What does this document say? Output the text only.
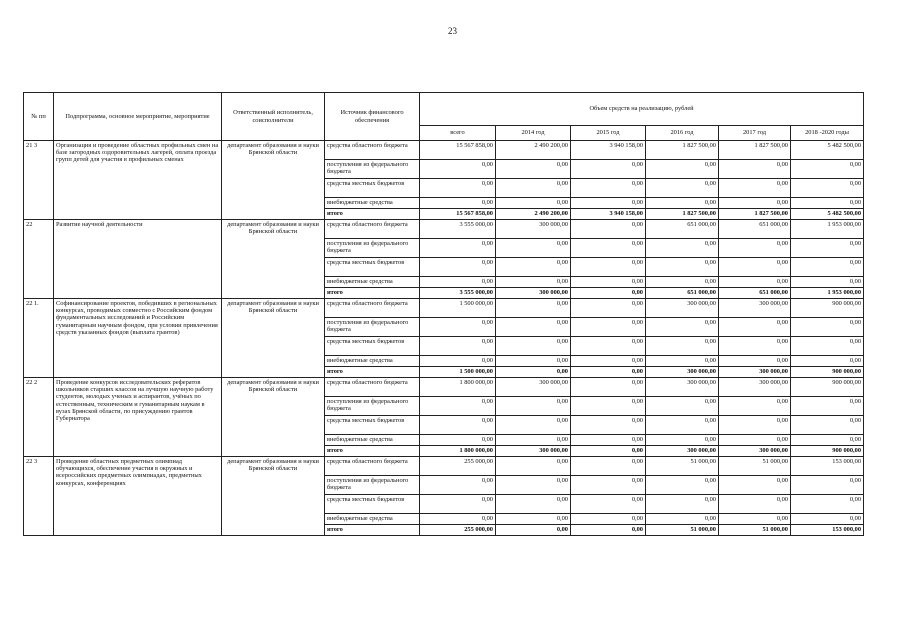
23
№ пп	Подпрограмма, основное мероприятие, мероприятие	Ответственный исполнитель, соисполнители	Источник финансового обеспечения	Объем средств на реализацию, рублей					
				всего	2014 год	2015 год	2016 год	2017 год	2018 -2020 годы
21 3	Организация и проведение областных профильных смен на базе загородных оздоровительных лагерей, оплата проезда групп детей для участия в профильных сменах	департамент образования и науки Брянской области	средства областного бюджета	15 567 858,00	2 490 200,00	3 940 158,00	1 827 500,00	1 827 500,00	5 482 500,00
			поступления из федерального бюджета	0,00	0,00	0,00	0,00	0,00	0,00
			средства местных бюджетов	0,00	0,00	0,00	0,00	0,00	0,00
			внебюджетные средства	0,00	0,00	0,00	0,00	0,00	0,00
			итого	15 567 858,00	2 490 200,00	3 940 158,00	1 827 500,00	1 827 500,00	5 482 500,00
22	Развитие научной деятельности	департамент образования и науки Брянской области	средства областного бюджета	3 555 000,00	300 000,00	0,00	651 000,00	651 000,00	1 953 000,00
			поступления из федерального бюджета	0,00	0,00	0,00	0,00	0,00	0,00
			средства местных бюджетов	0,00	0,00	0,00	0,00	0,00	0,00
			внебюджетные средства	0,00	0,00	0,00	0,00	0,00	0,00
			итого	3 555 000,00	300 000,00	0,00	651 000,00	651 000,00	1 953 000,00
22 1.	Софинансирование проектов, победивших в региональных конкурсах, проводимых совместно с Российским фондом фундаментальных исследований и Российским гуманитарным научным фондом, при условии привлечения средств указанных фондов (выплата грантов)	департамент образования и науки Брянской области	средства областного бюджета	1 500 000,00	0,00	0,00	300 000,00	300 000,00	900 000,00
			поступления из федерального бюджета	0,00	0,00	0,00	0,00	0,00	0,00
			средства местных бюджетов	0,00	0,00	0,00	0,00	0,00	0,00
			внебюджетные средства	0,00	0,00	0,00	0,00	0,00	0,00
			итого	1 500 000,00	0,00	0,00	300 000,00	300 000,00	900 000,00
22 2	Проведение конкурсов исследовательских рефератов школьников старших классов на лучшую научную работу студентов, молодых ученых и аспирантов, учёных по естественным, техническим и гуманитарным наукам в вузах Брянской области, по присуждению грантов Губернатора	департамент образования и науки Брянской области	средства областного бюджета	1 800 000,00	300 000,00	0,00	300 000,00	300 000,00	900 000,00
			поступления из федерального бюджета	0,00	0,00	0,00	0,00	0,00	0,00
			средства местных бюджетов	0,00	0,00	0,00	0,00	0,00	0,00
			внебюджетные средства	0,00	0,00	0,00	0,00	0,00	0,00
			итого	1 800 000,00	300 000,00	0,00	300 000,00	300 000,00	900 000,00
22 3	Проведение областных предметных олимпиад обучающихся, обеспечение участия в окружных и всероссийских предметных олимпиадах, предметных конкурсах, конференциях	департамент образования и науки Брянской области	средства областного бюджета	255 000,00	0,00	0,00	51 000,00	51 000,00	153 000,00
			поступления из федерального бюджета	0,00	0,00	0,00	0,00	0,00	0,00
			средства местных бюджетов	0,00	0,00	0,00	0,00	0,00	0,00
			внебюджетные средства	0,00	0,00	0,00	0,00	0,00	0,00
			итого	255 000,00	0,00	0,00	51 000,00	51 000,00	153 000,00
